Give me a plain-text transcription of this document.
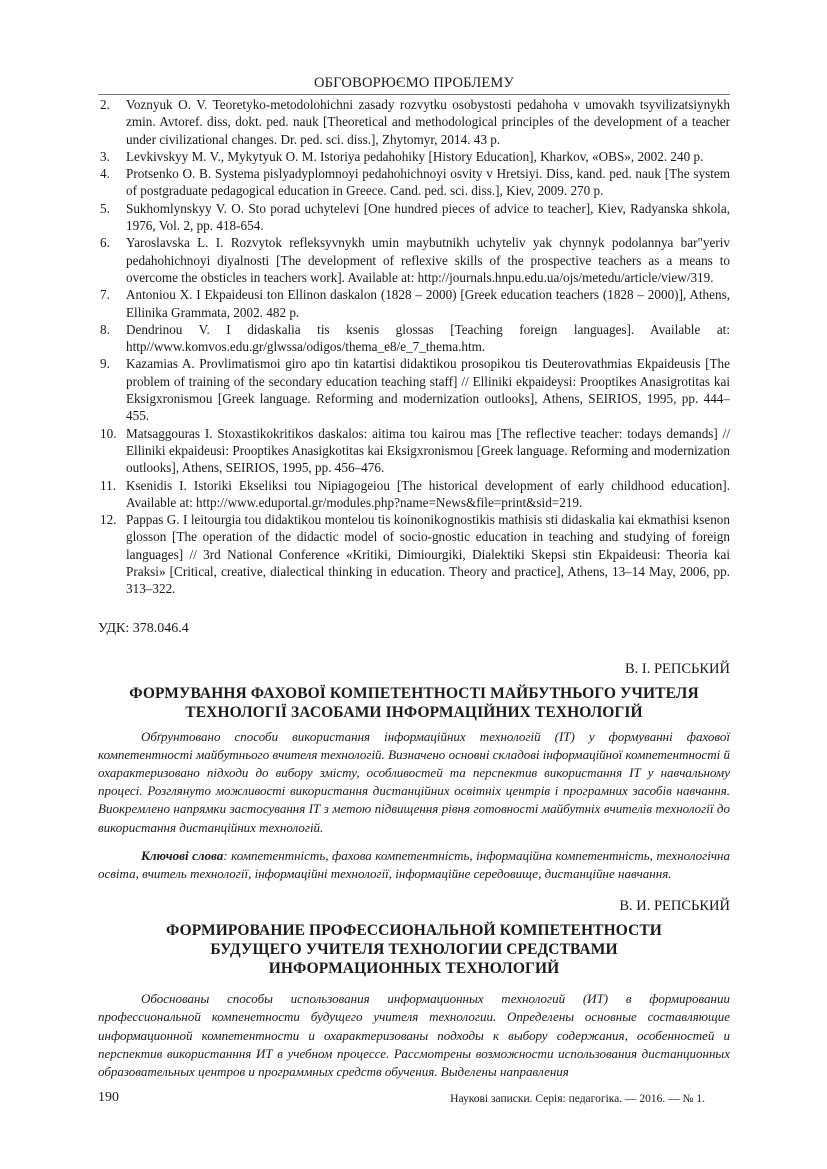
ОБГОВОРЮЄМО ПРОБЛЕМУ
2. Voznyuk O. V. Teoretyko-metodolohichni zasady rozvytku osobystosti pedahoha v umovakh tsyvilizatsiynykh zmin. Avtoref. diss, dokt. ped. nauk [Theoretical and methodological principles of the development of a teacher under civilizational changes. Dr. ped. sci. diss.], Zhytomyr, 2014. 43 p.
3. Levkivskyy M. V., Mykytyuk O. M. Istoriya pedahohiky [History Education], Kharkov, «OBS», 2002. 240 p.
4. Protsenko O. B. Systema pislyadyplomnoyi pedahohichnoyi osvity v Hretsiyi. Diss, kand. ped. nauk [The system of postgraduate pedagogical education in Greece. Cand. ped. sci. diss.], Kiev, 2009. 270 p.
5. Sukhomlynskyy V. O. Sto porad uchytelevi [One hundred pieces of advice to teacher], Kiev, Radyanska shkola, 1976, Vol. 2, pp. 418-654.
6. Yaroslavska L. I. Rozvytok refleksyvnykh umin maybutnikh uchyteliv yak chynnyk podolannya bar"yeriv pedahohichnoyi diyalnosti [The development of reflexive skills of the prospective teachers as a means to overcome the obsticles in teachers work]. Available at: http://journals.hnpu.edu.ua/ojs/metedu/article/view/319.
7. Antoniou X. I Ekpaideusi ton Ellinon daskalon (1828 – 2000) [Greek education teachers (1828 – 2000)], Athens, Ellinika Grammata, 2002. 482 p.
8. Dendrinou V. I didaskalia tis ksenis glossas [Teaching foreign languages]. Available at: http//www.komvos.edu.gr/glwssa/odigos/thema_e8/e_7_thema.htm.
9. Kazamias A. Provlimatismoi giro apo tin katartisi didaktikou prosopikou tis Deuterovathmias Ekpaideusis [The problem of training of the secondary education teaching staff] // Elliniki ekpaideysi: Prooptikes Anasigrotitas kai Eksigxronismou [Greek language. Reforming and modernization outlooks], Athens, SEIRIOS, 1995, pp. 444–455.
10. Matsaggouras I. Stoxastikokritikos daskalos: aitima tou kairou mas [The reflective teacher: todays demands] // Elliniki ekpaideusi: Prooptikes Anasigkotitas kai Eksigxronismou [Greek language. Reforming and modernization outlooks], Athens, SEIRIOS, 1995, pp. 456–476.
11. Ksenidis I. Istoriki Ekseliksi tou Nipiagogeiou [The historical development of early childhood education]. Available at: http://www.eduportal.gr/modules.php?name=News&file=print&sid=219.
12. Pappas G. I leitourgia tou didaktikou montelou tis koinonikognostikis mathisis sti didaskalia kai ekmathisi ksenon glosson [The operation of the didactic model of socio-gnostic education in teaching and studying of foreign languages] // 3rd National Conference «Kritiki, Dimiourgiki, Dialektiki Skepsi stin Ekpaideusi: Theoria kai Praksi» [Critical, creative, dialectical thinking in education. Theory and practice], Athens, 13–14 May, 2006, pp. 313–322.
УДК: 378.046.4
В. І. РЕПСЬКИЙ
ФОРМУВАННЯ ФАХОВОЇ КОМПЕТЕНТНОСТІ МАЙБУТНЬОГО УЧИТЕЛЯ
ТЕХНОЛОГІЇ ЗАСОБАМИ ІНФОРМАЦІЙНИХ ТЕХНОЛОГІЙ

Обґрунтовано способи використання інформаційних технологій (ІТ) у формуванні фахової компетентності майбутнього вчителя технологій. Визначено основні складові інформаційної компетентності й охарактеризовано підходи до вибору змісту, особливостей та перспектив використання ІТ у навчальному процесі. Розглянуто можливості використання дистанційних освітніх центрів і програмних засобів навчання. Виокремлено напрямки застосування ІТ з метою підвищення рівня готовності майбутніх вчителів технології до використання дистанційних технологій.

Ключові слова: компетентність, фахова компетентність, інформаційна компетентність, технологічна освіта, вчитель технології, інформаційні технології, інформаційне середовище, дистанційне навчання.

В. И. РЕПСЬКИЙ
ФОРМИРОВАНИЕ ПРОФЕССИОНАЛЬНОЙ КОМПЕТЕНТНОСТИ
БУДУЩЕГО УЧИТЕЛЯ ТЕХНОЛОГИИ СРЕДСТВАМИ
ИНФОРМАЦИОННЫХ ТЕХНОЛОГИЙ

Обоснованы способы использования информационных технологий (ИТ) в формировании профессиональной компенетности будущего учителя технологии. Определены основные составляющие информационной компетентности и охарактеризованы подходы к выбору содержания, особенностей и перспектив використанння ИТ в учебном процессе. Рассмотрены возможности использования дистанционных образовательных центров и программных средств обучения. Выделены направления

190	Наукові записки. Серія: педагогіка. — 2016. — № 1.
